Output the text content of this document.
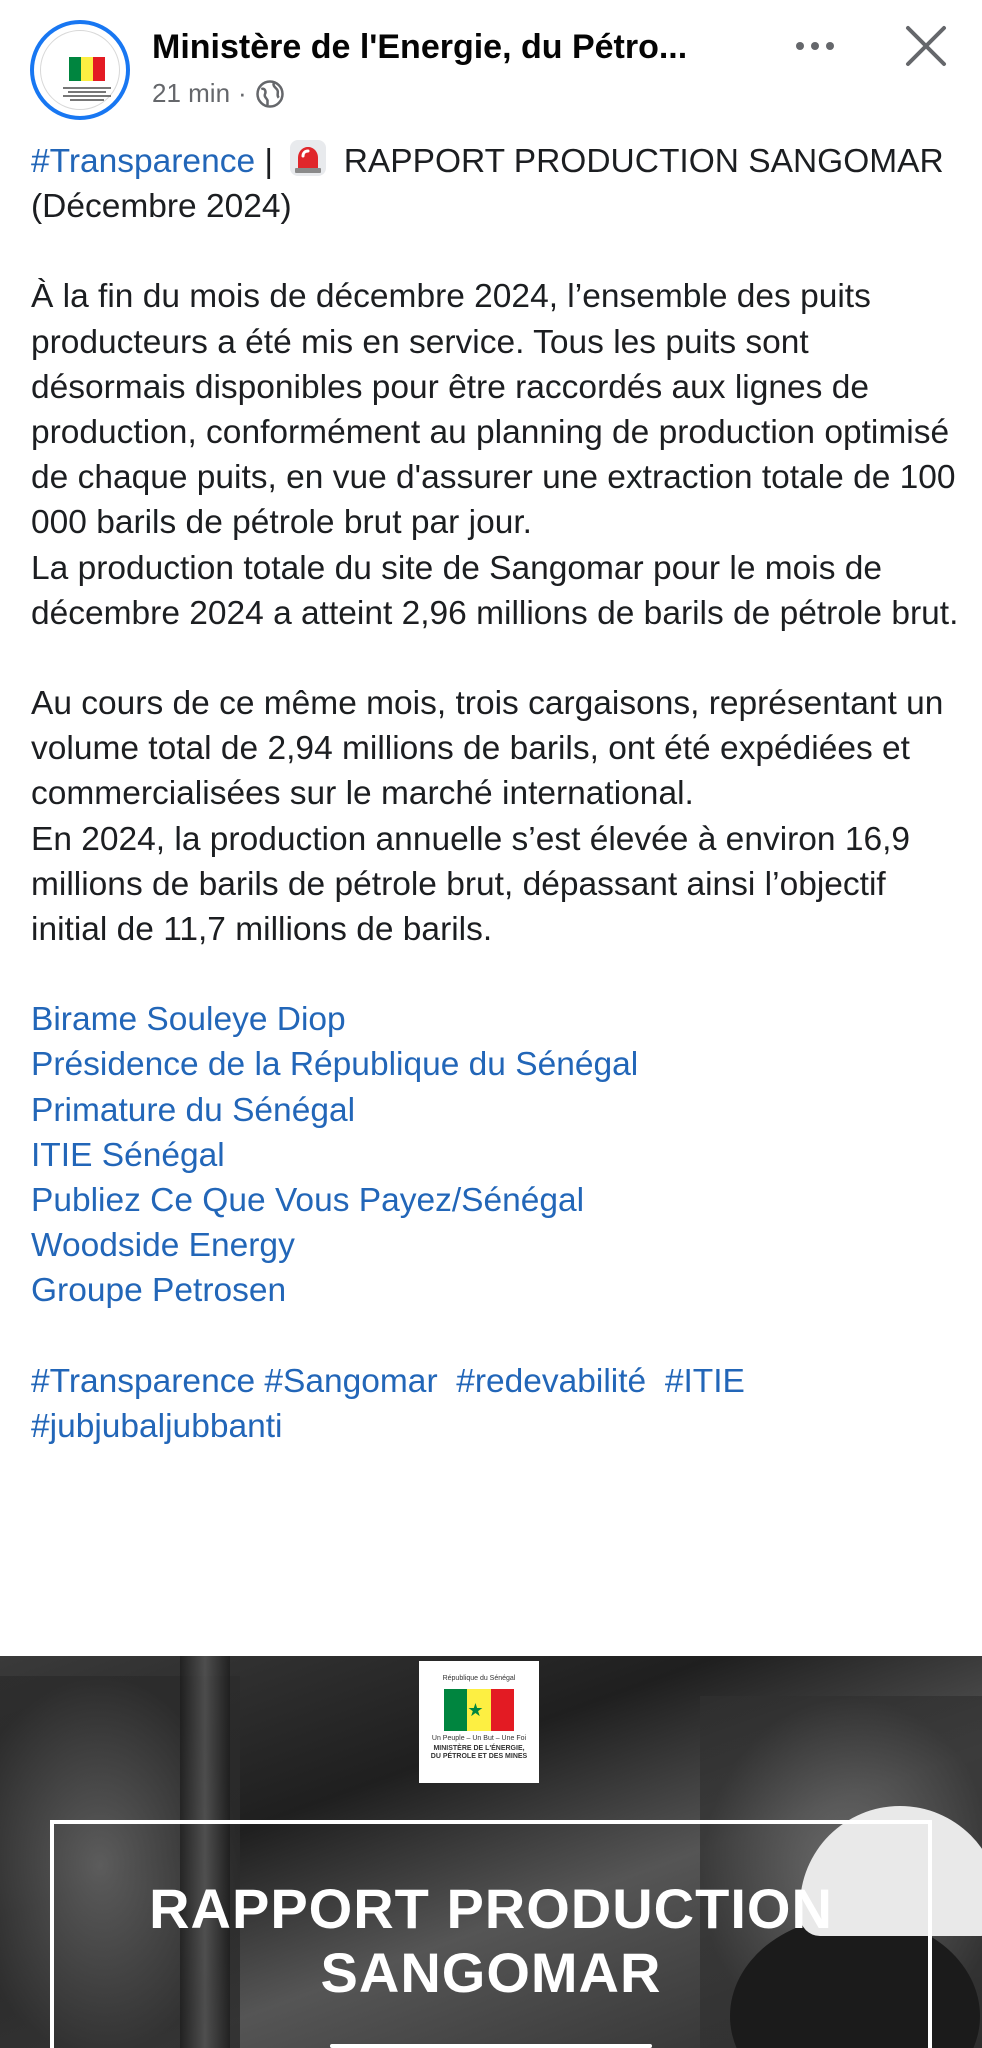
Ministère de l'Energie, du Pétro...
21 min ·

#Transparence | RAPPORT PRODUCTION SANGOMAR (Décembre 2024)

À la fin du mois de décembre 2024, l’ensemble des puits producteurs a été mis en service. Tous les puits sont désormais disponibles pour être raccordés aux lignes de production, conformément au planning de production optimisé de chaque puits, en vue d'assurer une extraction totale de 100 000 barils de pétrole brut par jour.

La production totale du site de Sangomar pour le mois de décembre 2024 a atteint 2,96 millions de barils de pétrole brut.

Au cours de ce même mois, trois cargaisons, représentant un volume total de 2,94 millions de barils, ont été expédiées et commercialisées sur le marché international.

En 2024, la production annuelle s’est élevée à environ 16,9 millions de barils de pétrole brut, dépassant ainsi l’objectif initial de 11,7 millions de barils.

Birame Souleye Diop
Présidence de la République du Sénégal
Primature du Sénégal
ITIE Sénégal
Publiez Ce Que Vous Payez/Sénégal
Woodside Energy
Groupe Petrosen
#Transparence #Sangomar #redevabilité #ITIE
#jubjubaljubbanti
République du Sénégal
★
Un Peuple – Un But – Une Foi
MINISTÈRE DE L'ÉNERGIE,
DU PÉTROLE ET DES MINES
RAPPORT PRODUCTION
SANGOMAR
